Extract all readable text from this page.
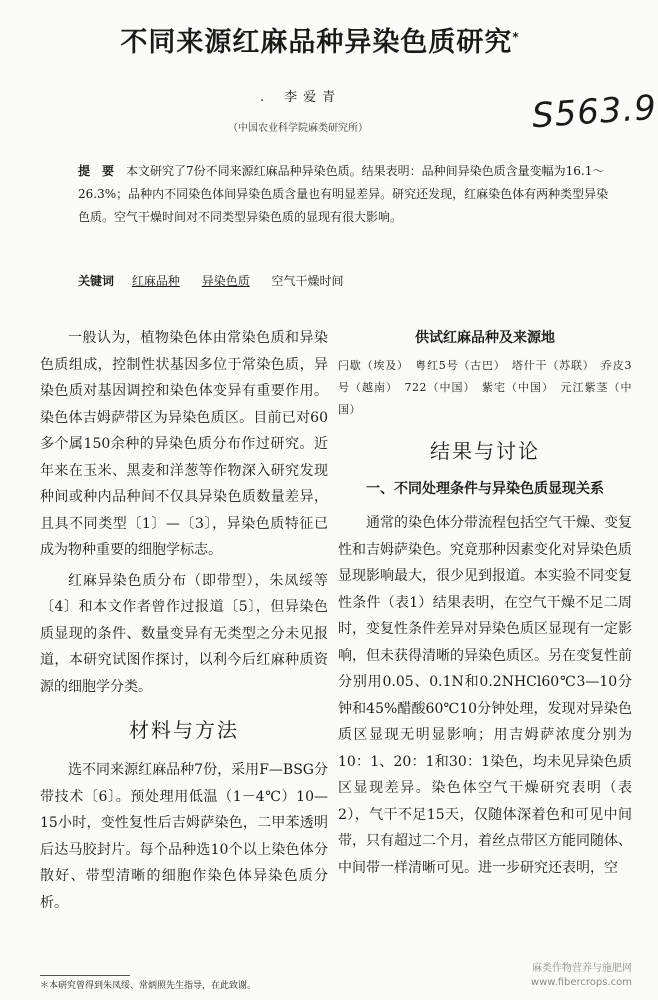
不同来源红麻品种异染色质研究*
. 李爱青
（中国农业科学院麻类研究所）	S563.9

提　要 本文研究了7份不同来源红麻品种异染色质。结果表明：品种间异染色质含量变幅为16.1～26.3%；品种内不同染色体间异染色质含量也有明显差异。研究还发现，红麻染色体有两种类型异染色质。空气干燥时间对不同类型异染色质的显现有很大影响。

关键词 红麻品种 异染色质 空气干燥时间

一般认为，植物染色体由常染色质和异染色质组成，控制性状基因多位于常染色质，异染色质对基因调控和染色体变异有重要作用。染色体吉姆萨带区为异染色质区。目前已对60多个属150余种的异染色质分布作过研究。近年来在玉米、黑麦和洋葱等作物深入研究发现种间或种内品种间不仅具异染色质数量差异，且具不同类型〔1〕—〔3〕，异染色质特征已成为物种重要的细胞学标志。

红麻异染色质分布（即带型），朱凤绥等〔4〕和本文作者曾作过报道〔5〕，但异染色质显现的条件、数量变异有无类型之分未见报道，本研究试图作探讨，以利今后红麻种质资源的细胞学分类。

材料与方法

选不同来源红麻品种7份，采用F—BSG分带技术〔6〕。预处理用低温（1－4℃）10—15小时，变性复性后吉姆萨染色，二甲苯透明后达马胶封片。每个品种选10个以上染色体分散好、带型清晰的细胞作染色体异染色质分析。

供试红麻品种及来源地

闩歇（埃及）　粤红5号（古巴）　塔什干（苏联）　乔皮3号（越南）　722（中国）　紫宅（中国）　元江紫茎（中国）

结果与讨论

一、不同处理条件与异染色质显现关系

通常的染色体分带流程包括空气干燥、变复性和吉姆萨染色。究竟那种因素变化对异染色质显现影响最大，很少见到报道。本实验不同变复性条件（表1）结果表明，在空气干燥不足二周时，变复性条件差异对异染色质区显现有一定影响，但未获得清晰的异染色质区。另在变复性前分别用0.05、0.1N和0.2NHCl60℃3—10分钟和45%醋酸60℃10分钟处理，发现对异染色质区显现无明显影响；用吉姆萨浓度分别为10：1、20：1和30：1染色，均未见异染色质区显现差异。染色体空气干燥研究表明（表2），气干不足15天，仅随体深着色和可见中间带，只有超过二个月，着丝点带区方能同随体、中间带一样清晰可见。进一步研究还表明，空

＊本研究曾得到朱凤绥、常炳照先生指导，在此致谢。

麻类作物营养与施肥网
www.fibercrops.com
